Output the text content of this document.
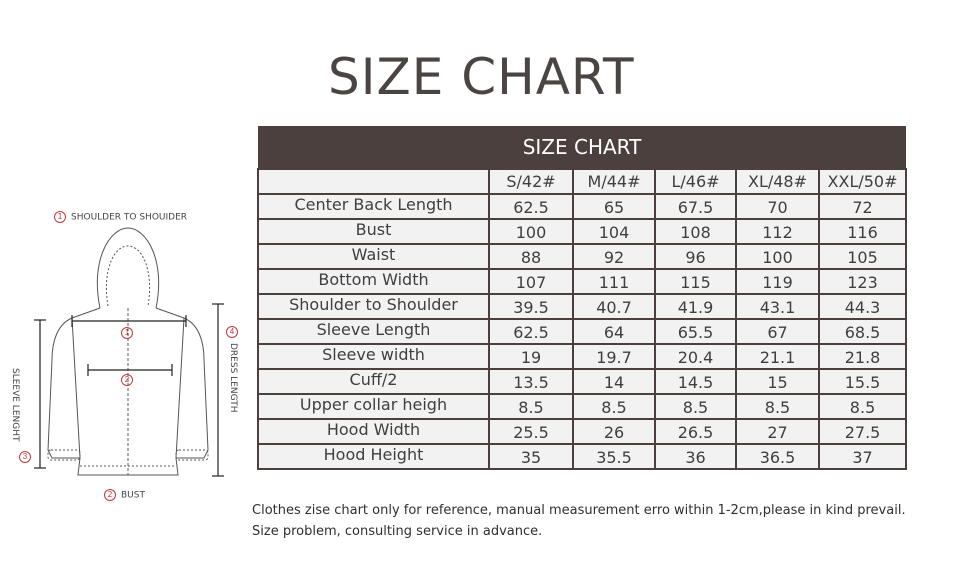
SIZE CHART
1 SHOULDER TO SHOUIDER
1
2
2 BUST
SLEEVE LENGHT
3
4
DRESS LENGTH
SIZE CHART					
	S/42#	M/44#	L/46#	XL/48#	XXL/50#
Center Back Length	62.5	65	67.5	70	72
Bust	100	104	108	112	116
Waist	88	92	96	100	105
Bottom Width	107	111	115	119	123
Shoulder to Shoulder	39.5	40.7	41.9	43.1	44.3
Sleeve Length	62.5	64	65.5	67	68.5
Sleeve width	19	19.7	20.4	21.1	21.8
Cuff/2	13.5	14	14.5	15	15.5
Upper collar heigh	8.5	8.5	8.5	8.5	8.5
Hood Width	25.5	26	26.5	27	27.5
Hood Height	35	35.5	36	36.5	37
Clothes zise chart only for reference, manual measurement erro within 1-2cm,please in kind prevail.
Size problem, consulting service in advance.
